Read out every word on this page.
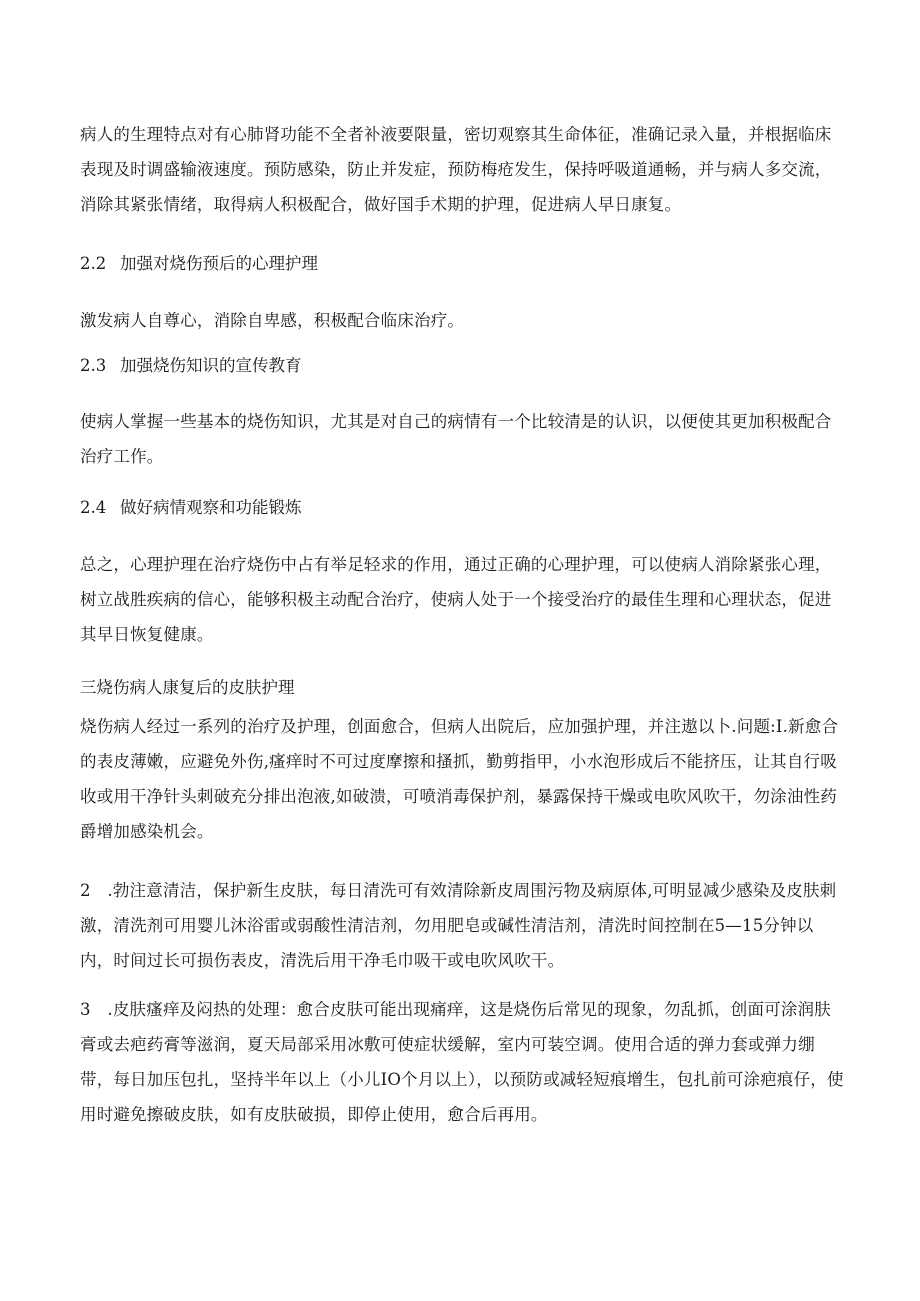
病人的生理特点对有心肺肾功能不全者补液要限量，密切观察其生命体征，准确记录入量，并根据临床表现及时调盛输液速度。预防感染，防止并发症，预防梅疮发生，保持呼吸道通畅，并与病人多交流，消除其紧张情绪，取得病人积极配合，做好国手术期的护理，促进病人早日康复。

2.2 加强对烧伤预后的心理护理

激发病人自尊心，消除自卑感，积极配合临床治疗。

2.3 加强烧伤知识的宣传教育

使病人掌握一些基本的烧伤知识，尤其是对自己的病情有一个比较清是的认识，以便使其更加积极配合治疗工作。

2.4 做好病情观察和功能锻炼

总之，心理护理在治疗烧伤中占有举足轻求的作用，通过正确的心理护理，可以使病人消除紧张心理，树立战胜疾病的信心，能够积极主动配合治疗，使病人处于一个接受治疗的最佳生理和心理状态，促进其早日恢复健康。

三烧伤病人康复后的皮肤护理

烧伤病人经过一系列的治疗及护理，创面愈合，但病人出院后，应加强护理，并注遨以卜.问题:I.新愈合的表皮薄嫩，应避免外伤,瘙痒时不可过度摩擦和搔抓，勤剪指甲，小水泡形成后不能挤压，让其自行吸收或用干净针头刺破充分排出泡液,如破溃，可喷消毒保护剂，暴露保持干燥或电吹风吹干，勿涂油性药爵增加感染机会。

2　.勃注意清洁，保护新生皮肤，每日清洗可有效清除新皮周围污物及病原体,可明显减少感染及皮肤刺激，清洗剂可用婴儿沐浴雷或弱酸性清洁剂，勿用肥皂或碱性清洁剂，清洗时间控制在5—15分钟以内，时间过长可损伤表皮，清洗后用干净毛巾吸干或电吹风吹干。

3　.皮肤瘙痒及闷热的处理：愈合皮肤可能出现痛痒，这是烧伤后常见的现象，勿乱抓，创面可涂润肤膏或去疤药膏等滋润，夏天局部采用冰敷可使症状缓解，室内可装空调。使用合适的弹力套或弹力绷带，每日加压包扎，坚持半年以上（小儿IO个月以上），以预防或减轻短痕增生，包扎前可涂疤痕仔，使用时避免擦破皮肤，如有皮肤破损，即停止使用，愈合后再用。
